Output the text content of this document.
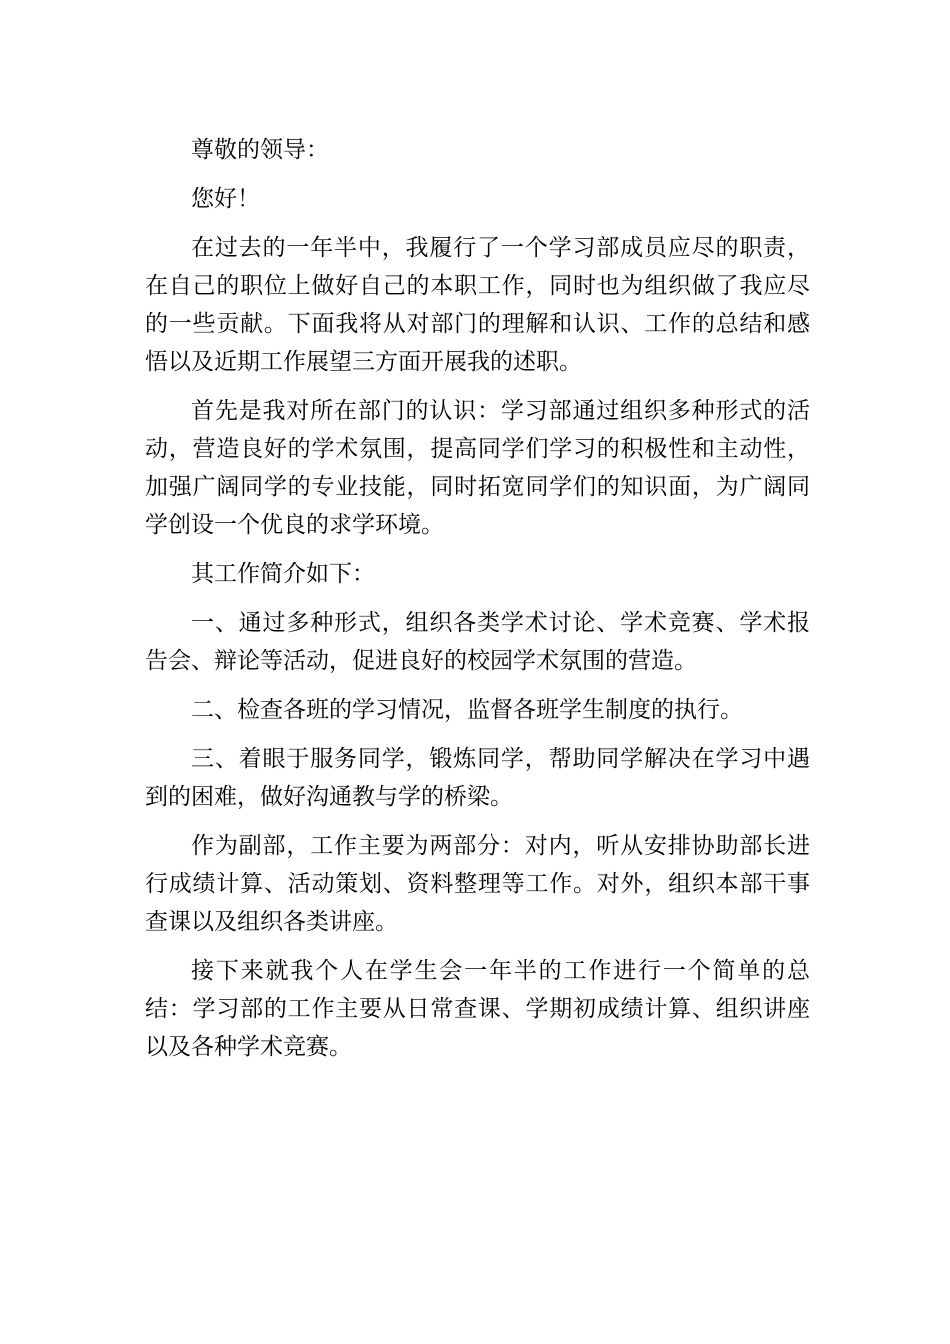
尊敬的领导：

您好！

在过去的一年半中，我履行了一个学习部成员应尽的职责，在自己的职位上做好自己的本职工作，同时也为组织做了我应尽的一些贡献。下面我将从对部门的理解和认识、工作的总结和感悟以及近期工作展望三方面开展我的述职。

首先是我对所在部门的认识：学习部通过组织多种形式的活动，营造良好的学术氛围，提高同学们学习的积极性和主动性，加强广阔同学的专业技能，同时拓宽同学们的知识面，为广阔同学创设一个优良的求学环境。

其工作简介如下：

一、通过多种形式，组织各类学术讨论、学术竞赛、学术报告会、辩论等活动，促进良好的校园学术氛围的营造。

二、检查各班的学习情况，监督各班学生制度的执行。

三、着眼于服务同学，锻炼同学，帮助同学解决在学习中遇到的困难，做好沟通教与学的桥梁。

作为副部，工作主要为两部分：对内，听从安排协助部长进行成绩计算、活动策划、资料整理等工作。对外，组织本部干事查课以及组织各类讲座。

接下来就我个人在学生会一年半的工作进行一个简单的总结：学习部的工作主要从日常查课、学期初成绩计算、组织讲座以及各种学术竞赛。
